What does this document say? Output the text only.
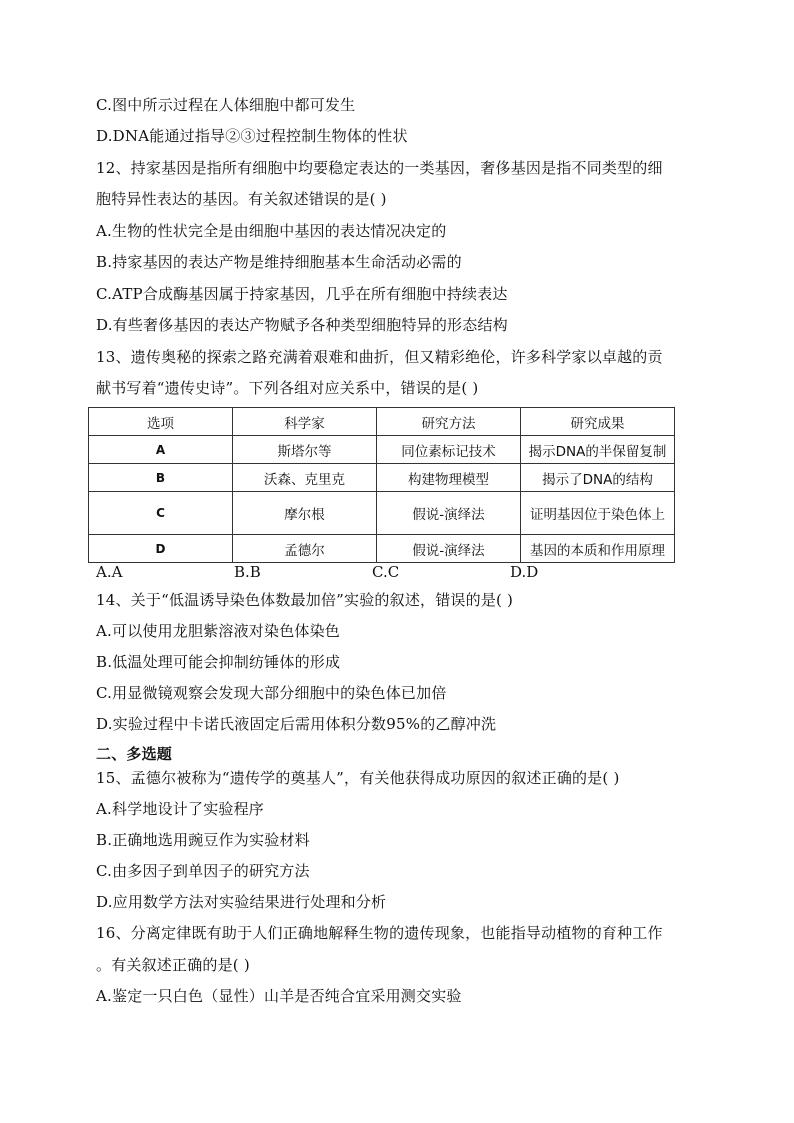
C.图中所示过程在人体细胞中都可发生
D.DNA能通过指导②③过程控制生物体的性状
12、持家基因是指所有细胞中均要稳定表达的一类基因，奢侈基因是指不同类型的细
胞特异性表达的基因。有关叙述错误的是( )
A.生物的性状完全是由细胞中基因的表达情况决定的
B.持家基因的表达产物是维持细胞基本生命活动必需的
C.ATP合成酶基因属于持家基因，几乎在所有细胞中持续表达
D.有些奢侈基因的表达产物赋予各种类型细胞特异的形态结构
13、遗传奥秘的探索之路充满着艰难和曲折，但又精彩绝伦，许多科学家以卓越的贡
献书写着“遗传史诗”。下列各组对应关系中，错误的是( )
选项	科学家	研究方法	研究成果
A	斯塔尔等	同位素标记技术	揭示DNA的半保留复制
B	沃森、克里克	构建物理模型	揭示了DNA的结构
C	摩尔根	假说-演绎法	证明基因位于染色体上
D	孟德尔	假说-演绎法	基因的本质和作用原理
A.A	B.B	C.C	D.D
14、关于“低温诱导染色体数最加倍”实验的叙述，错误的是( )
A.可以使用龙胆紫溶液对染色体染色
B.低温处理可能会抑制纺锤体的形成
C.用显微镜观察会发现大部分细胞中的染色体已加倍
D.实验过程中卡诺氏液固定后需用体积分数95%的乙醇冲洗
二、多选题
15、孟德尔被称为“遗传学的奠基人”，有关他获得成功原因的叙述正确的是( )
A.科学地设计了实验程序
B.正确地选用豌豆作为实验材料
C.由多因子到单因子的研究方法
D.应用数学方法对实验结果进行处理和分析
16、分离定律既有助于人们正确地解释生物的遗传现象，也能指导动植物的育种工作
。有关叙述正确的是( )
A.鉴定一只白色（显性）山羊是否纯合宜采用测交实验
